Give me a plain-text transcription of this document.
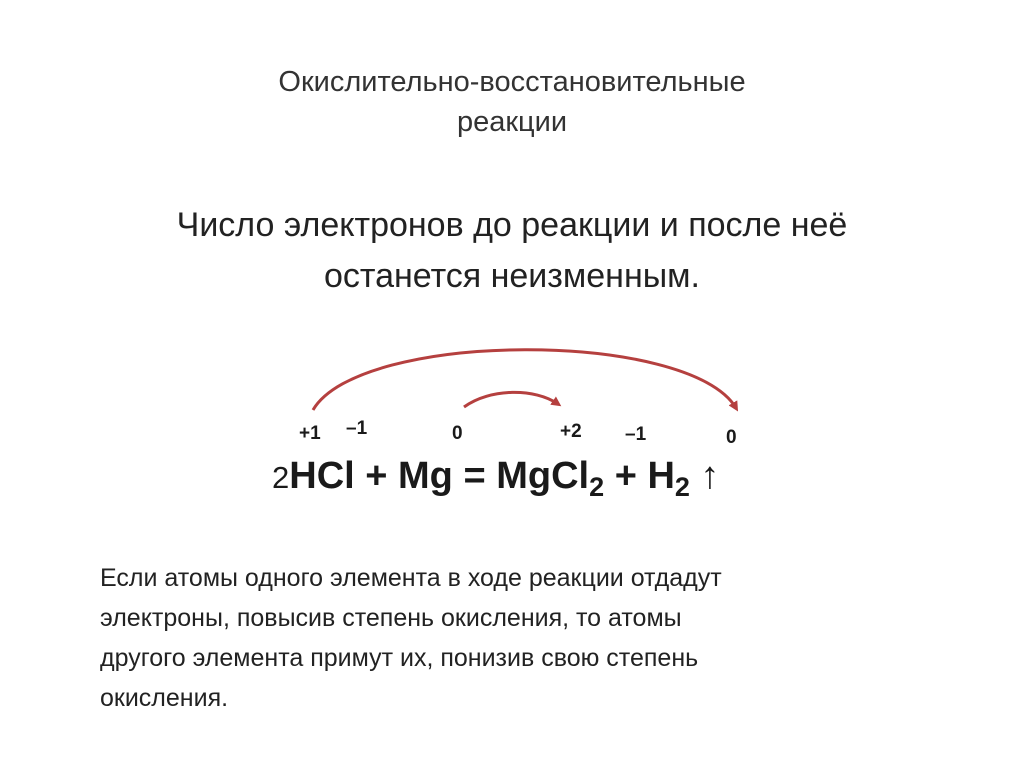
Окислительно-восстановительные
реакции
Число электронов до реакции и после неё
останется неизменным.
+1 –1	0	+2 –1	0
2HCl + Mg = MgCl$_2$ + $H_2$ ↑
Если атомы одного элемента в ходе реакции отдадут
электроны, повысив степень окисления, то атомы
другого элемента примут их, понизив свою степень
окисления.
